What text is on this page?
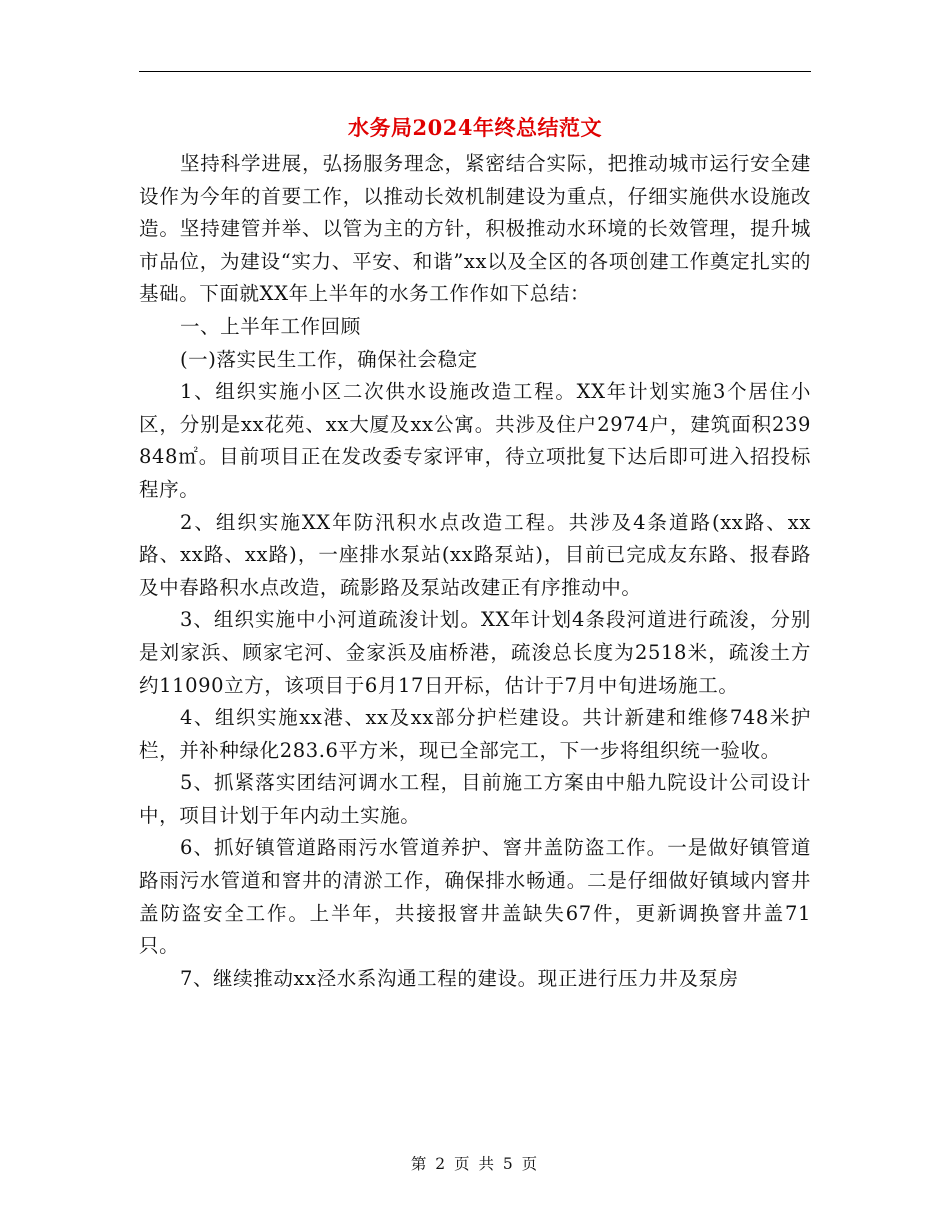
水务局2024年终总结范文

坚持科学进展，弘扬服务理念，紧密结合实际，把推动城市运行安全建设作为今年的首要工作，以推动长效机制建设为重点，仔细实施供水设施改造。坚持建管并举、以管为主的方针，积极推动水环境的长效管理，提升城市品位，为建设“实力、平安、和谐”xx以及全区的各项创建工作奠定扎实的基础。下面就XX年上半年的水务工作作如下总结：

一、上半年工作回顾

(一)落实民生工作，确保社会稳定

1、组织实施小区二次供水设施改造工程。XX年计划实施3个居住小区，分别是xx花苑、xx大厦及xx公寓。共涉及住户2974户，建筑面积239848㎡。目前项目正在发改委专家评审，待立项批复下达后即可进入招投标程序。

2、组织实施XX年防汛积水点改造工程。共涉及4条道路(xx路、xx路、xx路、xx路)，一座排水泵站(xx路泵站)，目前已完成友东路、报春路及中春路积水点改造，疏影路及泵站改建正有序推动中。

3、组织实施中小河道疏浚计划。XX年计划4条段河道进行疏浚，分别是刘家浜、顾家宅河、金家浜及庙桥港，疏浚总长度为2518米，疏浚土方约11090立方，该项目于6月17日开标，估计于7月中旬进场施工。

4、组织实施xx港、xx及xx部分护栏建设。共计新建和维修748米护栏，并补种绿化283.6平方米，现已全部完工，下一步将组织统一验收。

5、抓紧落实团结河调水工程，目前施工方案由中船九院设计公司设计中，项目计划于年内动土实施。

6、抓好镇管道路雨污水管道养护、窨井盖防盗工作。一是做好镇管道路雨污水管道和窨井的清淤工作，确保排水畅通。二是仔细做好镇域内窨井盖防盗安全工作。上半年，共接报窨井盖缺失67件，更新调换窨井盖71只。

7、继续推动xx泾水系沟通工程的建设。现正进行压力井及泵房

第 2 页 共 5 页
